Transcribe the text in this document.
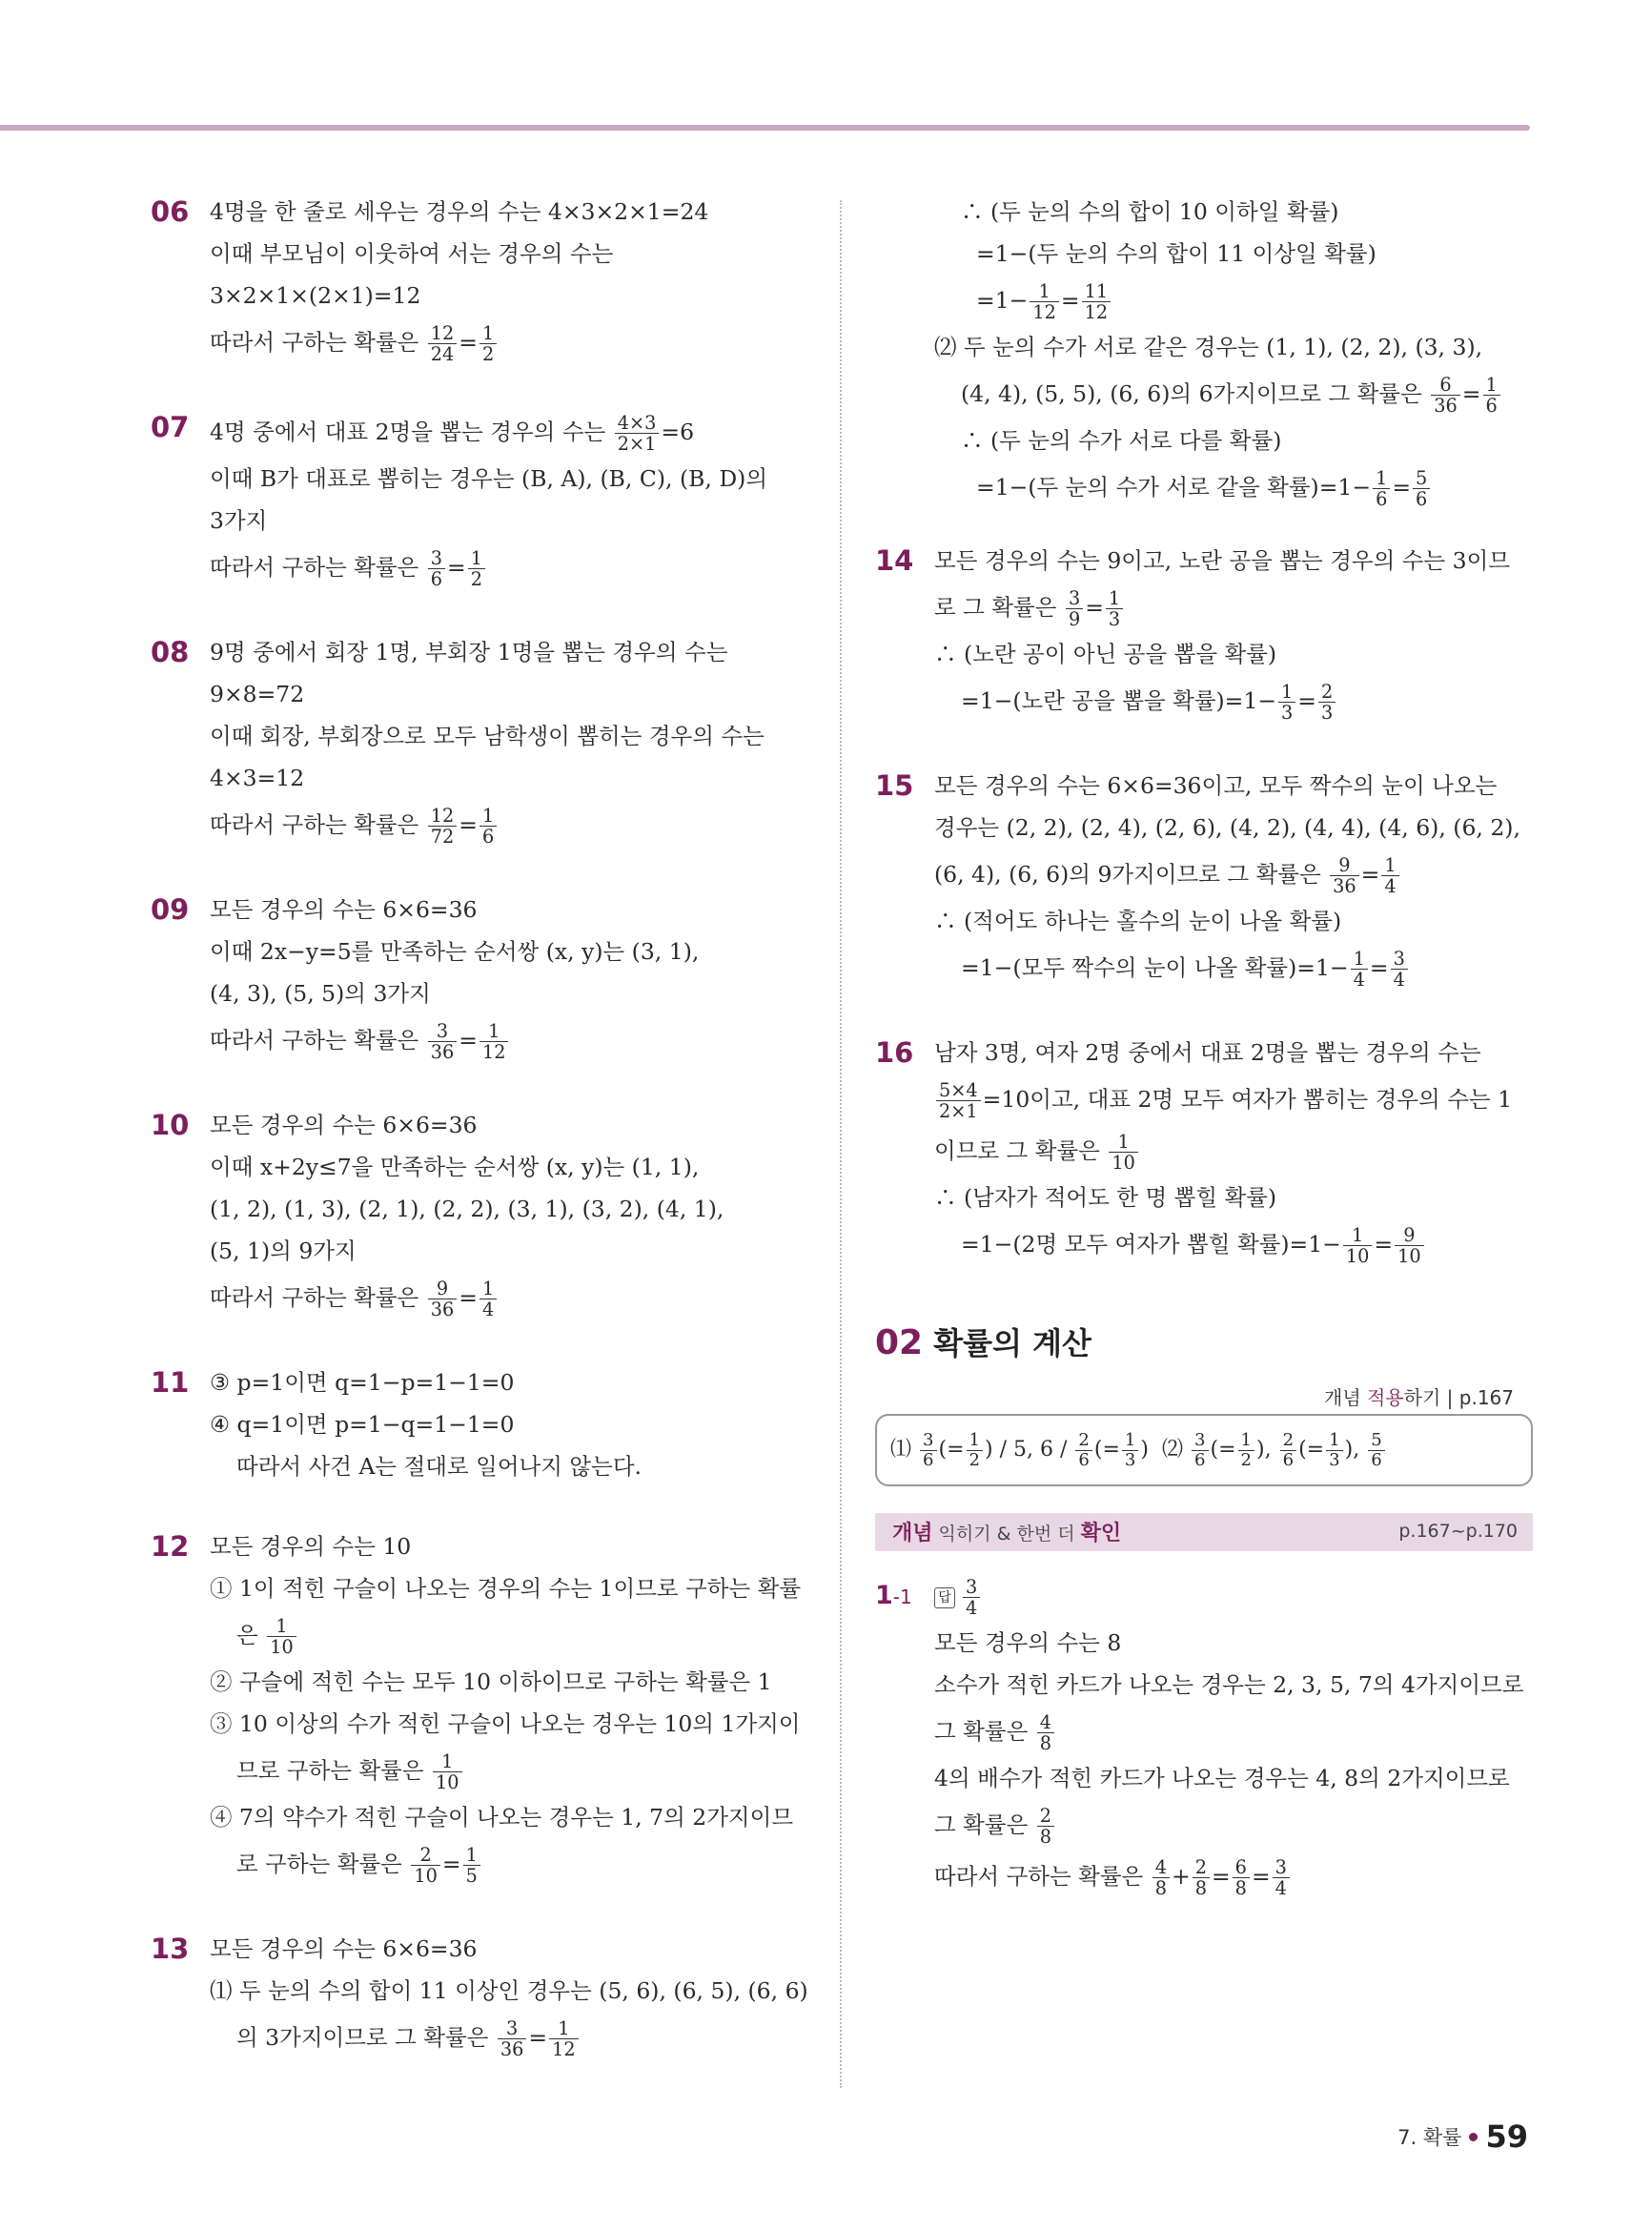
06 4명을 한 줄로 세우는 경우의 수는 4×3×2×1=24
이때 부모님이 이웃하여 서는 경우의 수는
3×2×1×(2×1)=12
따라서 구하는 확률은 $\frac{12}{24} = \frac{1}{2}$
07 4명 중에서 대표 2명을 뽑는 경우의 수는 $\frac{4\times 3}{2\times 1} =6$
이때 B가 대표로 뽑히는 경우는 (B, A), (B, C), (B, D)의
3가지
따라서 구하는 확률은 $\frac{3}{6} = \frac{1}{2}$
08 9명 중에서 회장 1명, 부회장 1명을 뽑는 경우의 수는
9×8=72
이때 회장, 부회장으로 모두 남학생이 뽑히는 경우의 수는
4×3=12
따라서 구하는 확률은 $\frac{12}{72} = \frac{1}{6}$
09 모든 경우의 수는 6×6=36
이때 2x−y=5를 만족하는 순서쌍 (x, y)는 (3, 1),
(4, 3), (5, 5)의 3가지
따라서 구하는 확률은 $\frac{3}{36} = \frac{1}{12}$
10 모든 경우의 수는 6×6=36
이때 x+2y≤7을 만족하는 순서쌍 (x, y)는 (1, 1),
(1, 2), (1, 3), (2, 1), (2, 2), (3, 1), (3, 2), (4, 1),
(5, 1)의 9가지
따라서 구하는 확률은 $\frac{9}{36} = \frac{1}{4}$
11 ③ p=1이면 q=1−p=1−1=0
④ q=1이면 p=1−q=1−1=0
따라서 사건 A는 절대로 일어나지 않는다.
12 모든 경우의 수는 10
① 1이 적힌 구슬이 나오는 경우의 수는 1이므로 구하는 확률
은 $\frac{1}{10}$
② 구슬에 적힌 수는 모두 10 이하이므로 구하는 확률은 1
③ 10 이상의 수가 적힌 구슬이 나오는 경우는 10의 1가지이
므로 구하는 확률은 $\frac{1}{10}$
④ 7의 약수가 적힌 구슬이 나오는 경우는 1, 7의 2가지이므
로 구하는 확률은 $\frac{2}{10} = \frac{1}{5}$
13 모든 경우의 수는 6×6=36
⑴ 두 눈의 수의 합이 11 이상인 경우는 (5, 6), (6, 5), (6, 6)
의 3가지이므로 그 확률은 $\frac{3}{36} = \frac{1}{12}$
∴ (두 눈의 수의 합이 10 이하일 확률)
=1−(두 눈의 수의 합이 11 이상일 확률)
$=1- \frac{1}{12} = \frac{11}{12}$
⑵ 두 눈의 수가 서로 같은 경우는 (1, 1), (2, 2), (3, 3),
(4, 4), (5, 5), (6, 6)의 6가지이므로 그 확률은 $\frac{6}{36} = \frac{1}{6}$
∴ (두 눈의 수가 서로 다를 확률)
=1−(두 눈의 수가 서로 같을 확률)$=1- \frac{1}{6} = \frac{5}{6}$
14 모든 경우의 수는 9이고, 노란 공을 뽑는 경우의 수는 3이므
로 그 확률은 $\frac{3}{9} = \frac{1}{3}$
∴ (노란 공이 아닌 공을 뽑을 확률)
=1−(노란 공을 뽑을 확률)$=1- \frac{1}{3} = \frac{2}{3}$
15 모든 경우의 수는 6×6=36이고, 모두 짝수의 눈이 나오는
경우는 (2, 2), (2, 4), (2, 6), (4, 2), (4, 4), (4, 6), (6, 2),
(6, 4), (6, 6)의 9가지이므로 그 확률은 $\frac{9}{36} = \frac{1}{4}$
∴ (적어도 하나는 홀수의 눈이 나올 확률)
=1−(모두 짝수의 눈이 나올 확률)$=1- \frac{1}{4} = \frac{3}{4}$
16 남자 3명, 여자 2명 중에서 대표 2명을 뽑는 경우의 수는
$\frac{5\times 4}{2\times 1} =10$이고, 대표 2명 모두 여자가 뽑히는 경우의 수는 1
이므로 그 확률은 $\frac{1}{10}$
∴ (남자가 적어도 한 명 뽑힐 확률)
=1−(2명 모두 여자가 뽑힐 확률)$=1- \frac{1}{10} = \frac{9}{10}$
02 확률의 계산
개념 적용하기 | p.167
⑴ $\frac{3}{6}$ (= $\frac{1}{2}$ ) / 5, $6 / \frac{2}{6}$ (= $\frac{1}{3}$ ) ⑵ $\frac{3}{6}$ (= $\frac{1}{2}$ ), $\frac{2}{6}$ (= $\frac{1}{3}$ ), $\frac{5}{6}$
개념 익히기 & 한번 더 확인	p.167~p.170
1-1	답 $\frac{3}{4}$
모든 경우의 수는 8
소수가 적힌 카드가 나오는 경우는 2, 3, 5, 7의 4가지이므로
그 확률은 $\frac{4}{8}$
4의 배수가 적힌 카드가 나오는 경우는 4, 8의 2가지이므로
그 확률은 $\frac{2}{8}$
따라서 구하는 확률은 $\frac{4}{8} + \frac{2}{8} = \frac{6}{8} = \frac{3}{4}$
7. 확률 59
